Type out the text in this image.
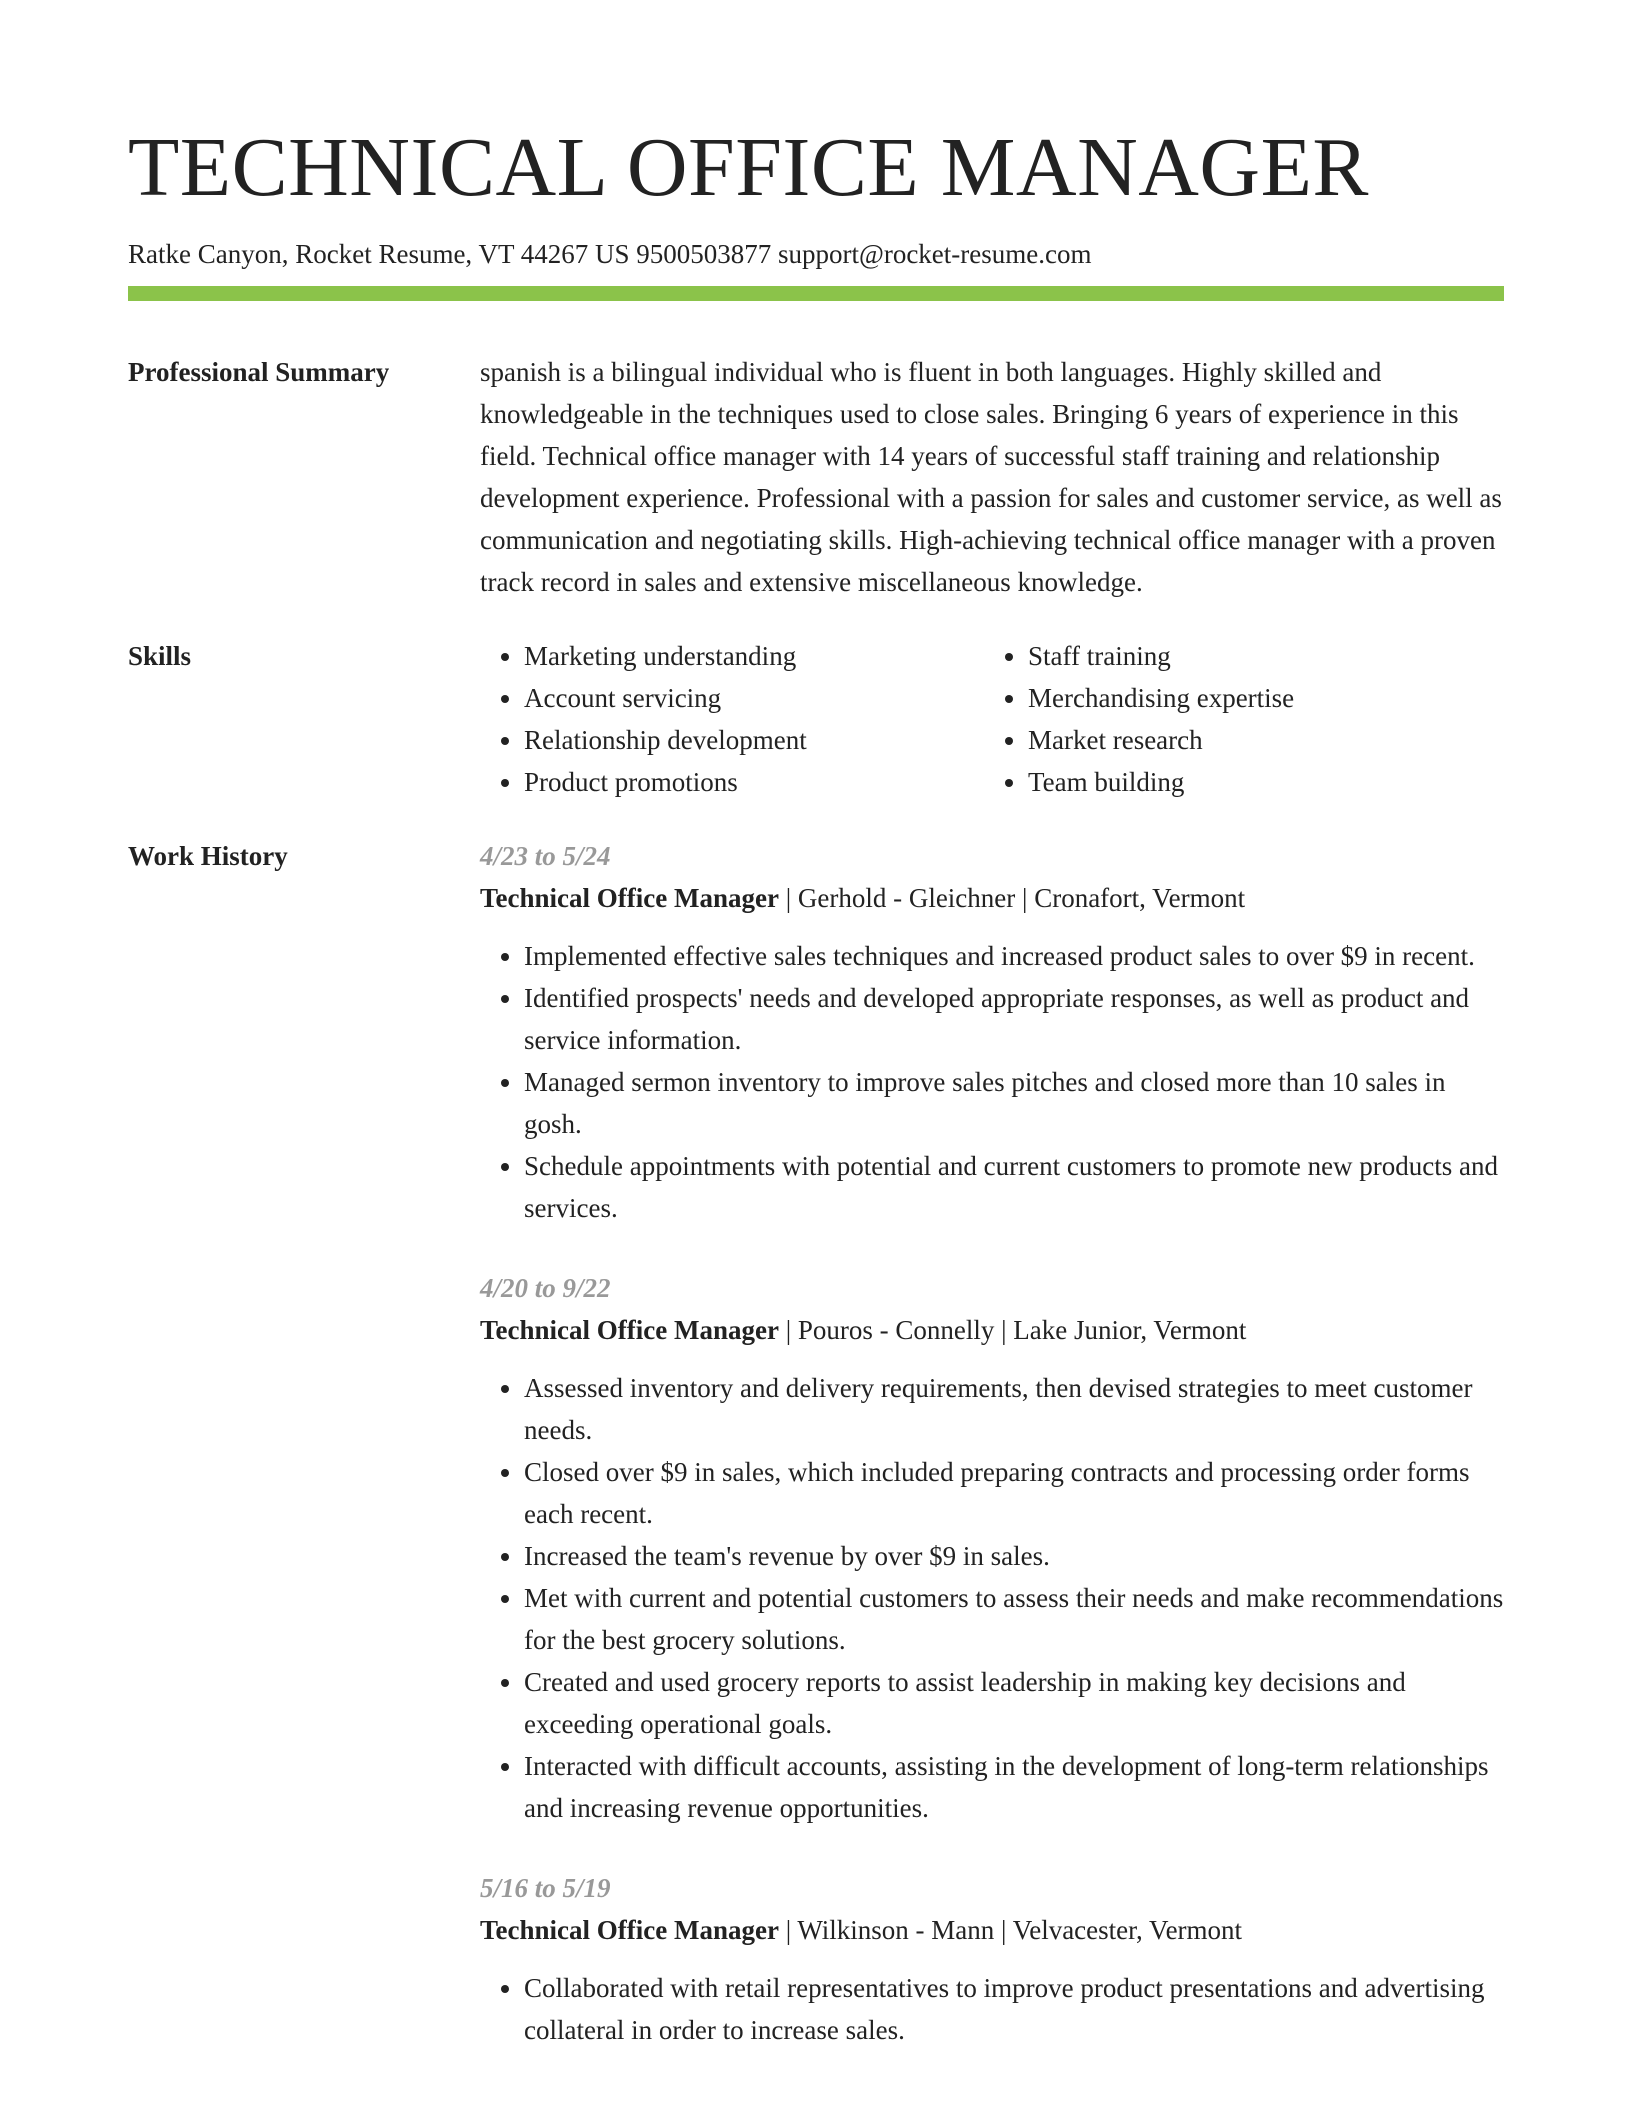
TECHNICAL OFFICE MANAGER
Ratke Canyon, Rocket Resume, VT 44267 US 9500503877 support@rocket-resume.com
Professional Summary	spanish is a bilingual individual who is fluent in both languages. Highly skilled and knowledgeable in the techniques used to close sales. Bringing 6 years of experience in this field. Technical office manager with 14 years of successful staff training and relationship development experience. Professional with a passion for sales and customer service, as well as communication and negotiating skills. High-achieving technical office manager with a proven track record in sales and extensive miscellaneous knowledge.
Skills
•	Marketing understanding
• Account servicing
• Relationship development
• Product promotions
• Staff training
• Merchandising expertise
• Market research
• Team building
Work History	4/23 to 5/24
Technical Office Manager | Gerhold - Gleichner | Cronafort, Vermont
• Implemented effective sales techniques and increased product sales to over $9 in recent.
• Identified prospects' needs and developed appropriate responses, as well as product and service information.
• Managed sermon inventory to improve sales pitches and closed more than 10 sales in gosh.
• Schedule appointments with potential and current customers to promote new products and services.
4/20 to 9/22
Technical Office Manager | Pouros - Connelly | Lake Junior, Vermont
• Assessed inventory and delivery requirements, then devised strategies to meet customer needs.
• Closed over $9 in sales, which included preparing contracts and processing order forms each recent.
• Increased the team's revenue by over $9 in sales.
• Met with current and potential customers to assess their needs and make recommendations for the best grocery solutions.
• Created and used grocery reports to assist leadership in making key decisions and exceeding operational goals.
• Interacted with difficult accounts, assisting in the development of long-term relationships and increasing revenue opportunities.
5/16 to 5/19
Technical Office Manager | Wilkinson - Mann | Velvacester, Vermont
• Collaborated with retail representatives to improve product presentations and advertising collateral in order to increase sales.
